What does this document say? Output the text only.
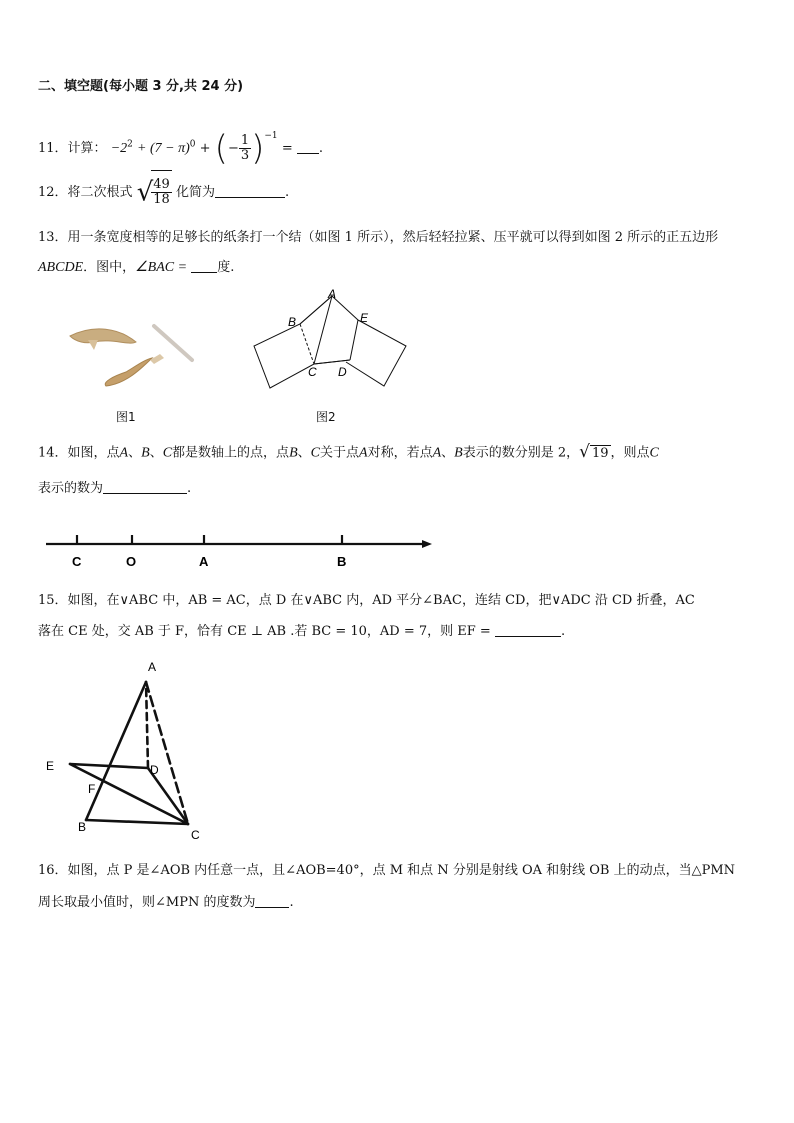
二、填空题(每小题 3 分,共 24 分)
11．计算： $-2^2 + (7 - \pi)^0$ + (− $\frac{1}{3} )^{-1}$ = .
12．将二次根式 √
$\frac{49}{18}$ 化简为	.
13．用一条宽度相等的足够长的纸条打一个结（如图 1 所示），然后轻轻拉紧、压平就可以得到如图 2 所示的正五边形
ABCDE．图中，∠BAC = 度.
图1
A
B
C D
E
图2
14．如图，点A、B、C都是数轴上的点，点B、C关于点A对称，若点A、B表示的数分别是 2，√ 19 ，则点C
表示的数为	.
C	O	A	B
15．如图，在∨ABC 中，AB = AC，点 D 在∨ABC 内，AD 平分∠BAC，连结 CD，把∨ADC 沿 CD 折叠，AC
落在 CE 处，交 AB 于 F，恰有 CE ⊥ AB .若 BC = 10，AD = 7，则 EF =	.
A
E	D
F
B
C
16．如图，点 P 是∠AOB 内任意一点，且∠AOB=40°，点 M 和点 N 分别是射线 OA 和射线 OB 上的动点，当△PMN
周长取最小值时，则∠MPN 的度数为	.
